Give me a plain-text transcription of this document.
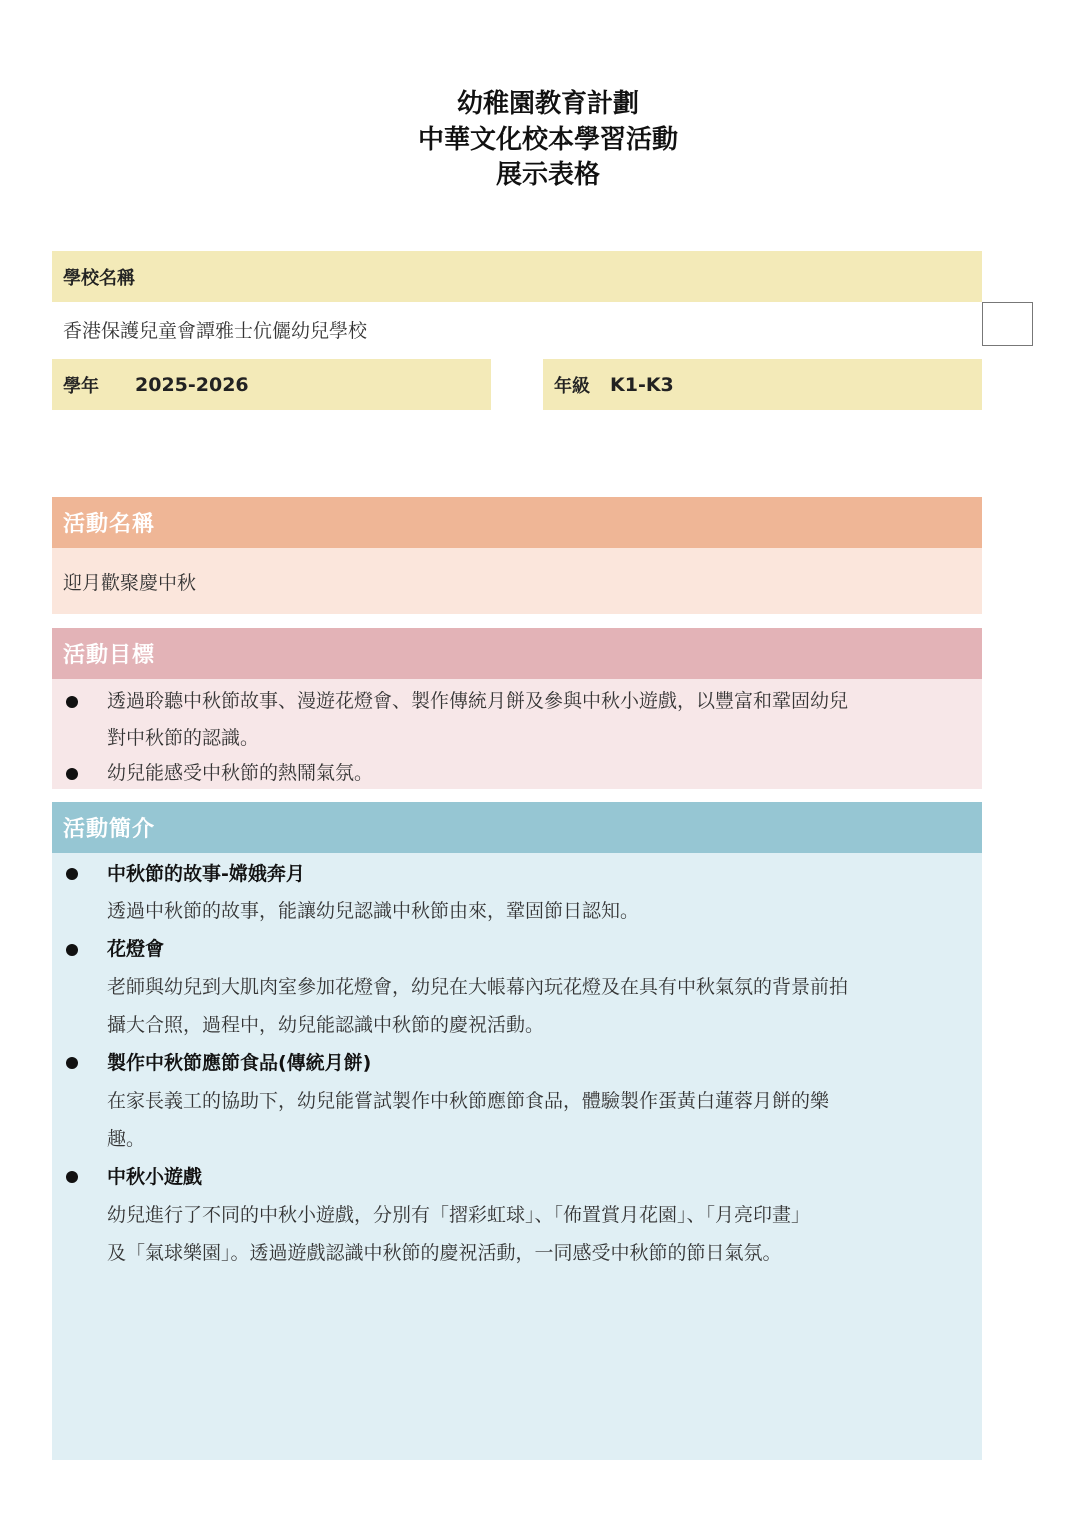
幼稚園教育計劃
中華文化校本學習活動
展示表格
學校名稱
香港保護兒童會譚雅士伉儷幼兒學校
學年 2025-2026	年級 K1-K3
活動名稱
迎月歡聚慶中秋
活動目標
透過聆聽中秋節故事、漫遊花燈會、製作傳統月餅及參與中秋小遊戲，以豐富和鞏固幼兒
對中秋節的認識。
幼兒能感受中秋節的熱鬧氣氛。
活動簡介
中秋節的故事-嫦娥奔月
透過中秋節的故事，能讓幼兒認識中秋節由來，鞏固節日認知。
花燈會
老師與幼兒到大肌肉室參加花燈會，幼兒在大帳幕內玩花燈及在具有中秋氣氛的背景前拍
攝大合照，過程中，幼兒能認識中秋節的慶祝活動。
製作中秋節應節食品(傳統月餅)
在家長義工的協助下，幼兒能嘗試製作中秋節應節食品，體驗製作蛋黃白蓮蓉月餅的樂
趣。
中秋小遊戲
幼兒進行了不同的中秋小遊戲，分別有「摺彩虹球」、「佈置賞月花園」、「月亮印畫」
及「氣球樂園」。透過遊戲認識中秋節的慶祝活動，一同感受中秋節的節日氣氛。
